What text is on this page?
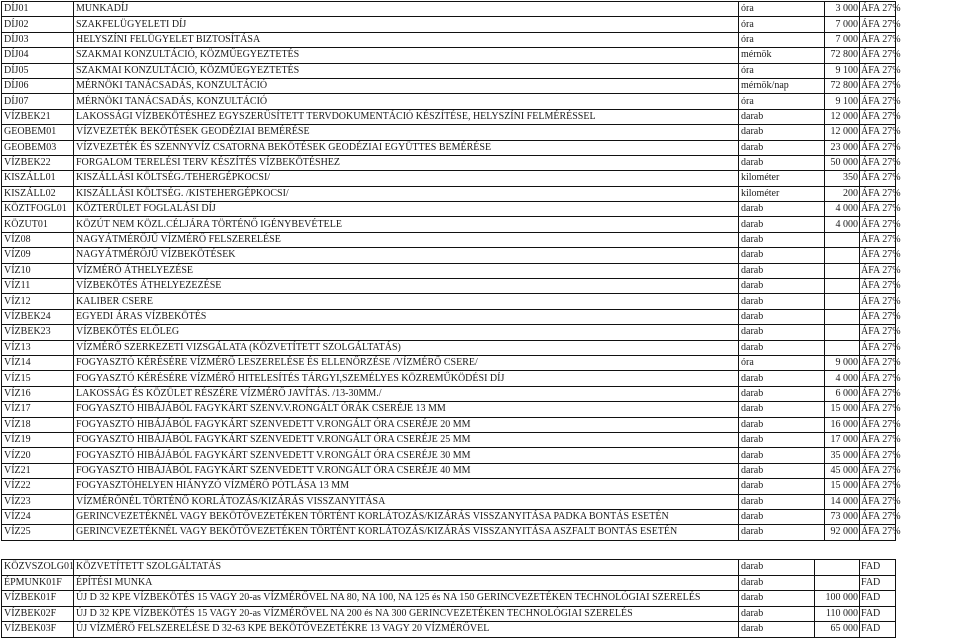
DÍJ01	MUNKADÍJ	óra	3 000	ÁFA 27%
DÍJ02	SZAKFELÜGYELETI DÍJ	óra	7 000	ÁFA 27%
DÍJ03	HELYSZÍNI FELÜGYELET BIZTOSÍTÁSA	óra	7 000	ÁFA 27%
DÍJ04	SZAKMAI KONZULTÁCIÓ, KÖZMŰEGYEZTETÉS	mérnök	72 800	ÁFA 27%
DÍJ05	SZAKMAI KONZULTÁCIÓ, KÖZMŰEGYEZTETÉS	óra	9 100	ÁFA 27%
DÍJ06	MÉRNÖKI TANÁCSADÁS, KONZULTÁCIÓ	mérnök/nap	72 800	ÁFA 27%
DÍJ07	MÉRNÖKI TANÁCSADÁS, KONZULTÁCIÓ	óra	9 100	ÁFA 27%
VÍZBEK21	LAKOSSÁGI VÍZBEKÖTÉSHEZ EGYSZERŰSÍTETT TERVDOKUMENTÁCIÓ KÉSZÍTÉSE, HELYSZÍNI FELMÉRÉSSEL	darab	12 000	ÁFA 27%
GEOBEM01	VÍZVEZETÉK BEKÖTÉSEK GEODÉZIAI BEMÉRÉSE	darab	12 000	ÁFA 27%
GEOBEM03	VÍZVEZETÉK ÉS SZENNYVÍZ CSATORNA BEKÖTÉSEK GEODÉZIAI EGYÜTTES BEMÉRÉSE	darab	23 000	ÁFA 27%
VÍZBEK22	FORGALOM TERELÉSI TERV KÉSZÍTÉS VÍZBEKÖTÉSHEZ	darab	50 000	ÁFA 27%
KISZÁLL01	KISZÁLLÁSI KÖLTSÉG./TEHERGÉPKOCSI/	kilométer	350	ÁFA 27%
KISZÁLL02	KISZÁLLÁSI KÖLTSÉG. /KISTEHERGÉPKOCSI/	kilométer	200	ÁFA 27%
KÖZTFOGL01	KÖZTERÜLET FOGLALÁSI DÍJ	darab	4 000	ÁFA 27%
KÖZUT01	KÖZÚT NEM KÖZL.CÉLJÁRA TÖRTÉNŐ IGÉNYBEVÉTELE	darab	4 000	ÁFA 27%
VÍZ08	NAGYÁTMÉRŐJŰ VÍZMÉRŐ FELSZERELÉSE	darab		ÁFA 27%
VÍZ09	NAGYÁTMÉRŐJŰ VÍZBEKÖTÉSEK	darab		ÁFA 27%
VÍZ10	VÍZMÉRŐ ÁTHELYEZÉSE	darab		ÁFA 27%
VÍZ11	VÍZBEKÖTÉS ÁTHELYEZEZÉSE	darab		ÁFA 27%
VÍZ12	KALIBER CSERE	darab		ÁFA 27%
VÍZBEK24	EGYEDI ÁRAS VÍZBEKÖTÉS	darab		ÁFA 27%
VÍZBEK23	VÍZBEKÖTÉS ELŐLEG	darab		ÁFA 27%
VÍZ13	VÍZMÉRŐ SZERKEZETI VIZSGÁLATA (KÖZVETÍTETT SZOLGÁLTATÁS)	darab		ÁFA 27%
VÍZ14	FOGYASZTÓ KÉRÉSÉRE VÍZMÉRŐ LESZERELÉSE ÉS ELLENŐRZÉSE /VÍZMÉRŐ CSERE/	óra	9 000	ÁFA 27%
VÍZ15	FOGYASZTÓ KÉRÉSÉRE VÍZMÉRŐ HITELESÍTÉS TÁRGYI,SZEMÉLYES KÖZREMŰKÖDÉSI DÍJ	darab	4 000	ÁFA 27%
VÍZ16	LAKOSSÁG ÉS KÖZÜLET RÉSZÉRE VÍZMÉRŐ JAVÍTÁS. /13-30MM./	darab	6 000	ÁFA 27%
VÍZ17	FOGYASZTÓ HIBÁJÁBÓL FAGYKÁRT SZENV.V.RONGÁLT ÓRÁK CSERÉJE 13 MM	darab	15 000	ÁFA 27%
VÍZ18	FOGYASZTÓ HIBÁJÁBÓL FAGYKÁRT SZENVEDETT V.RONGÁLT ÓRA CSERÉJE 20 MM	darab	16 000	ÁFA 27%
VÍZ19	FOGYASZTÓ HIBÁJÁBÓL FAGYKÁRT SZENVEDETT V.RONGÁLT ÓRA CSERÉJE 25 MM	darab	17 000	ÁFA 27%
VÍZ20	FOGYASZTÓ HIBÁJÁBÓL FAGYKÁRT SZENVEDETT V.RONGÁLT ÓRA CSERÉJE 30 MM	darab	35 000	ÁFA 27%
VÍZ21	FOGYASZTÓ HIBÁJÁBÓL FAGYKÁRT SZENVEDETT V.RONGÁLT ÓRA CSERÉJE 40 MM	darab	45 000	ÁFA 27%
VÍZ22	FOGYASZTÓHELYEN HIÁNYZÓ VÍZMÉRŐ PÓTLÁSA 13 MM	darab	15 000	ÁFA 27%
VÍZ23	VÍZMÉRŐNÉL TÖRTÉNŐ KORLÁTOZÁS/KIZÁRÁS VISSZANYITÁSA	darab	14 000	ÁFA 27%
VÍZ24	GERINCVEZETÉKNÉL VAGY BEKÖTŐVEZETÉKEN TÖRTÉNT KORLÁTOZÁS/KIZÁRÁS VISSZANYITÁSA PADKA BONTÁS ESETÉN	darab	73 000	ÁFA 27%
VÍZ25	GERINCVEZETÉKNÉL VAGY BEKÖTŐVEZETÉKEN TÖRTÉNT KORLÁTOZÁS/KIZÁRÁS VISSZANYITÁSA ASZFALT BONTÁS ESETÉN	darab	92 000	ÁFA 27%
KÖZVSZOLG01	KÖZVETÍTETT SZOLGÁLTATÁS	darab		FAD
ÉPMUNK01F	ÉPÍTÉSI MUNKA	darab		FAD
VÍZBEK01F	ÚJ D 32 KPE VÍZBEKÖTÉS 15 VAGY 20-as VÍZMÉRŐVEL NA 80, NA 100, NA 125 és NA 150 GERINCVEZETÉKEN TECHNOLÓGIAI SZERELÉS	darab	100 000	FAD
VÍZBEK02F	ÚJ D 32 KPE VÍZBEKÖTÉS 15 VAGY 20-as VÍZMÉRŐVEL NA 200 és NA 300 GERINCVEZETÉKEN TECHNOLÓGIAI SZERELÉS	darab	110 000	FAD
VÍZBEK03F	ÚJ VÍZMÉRŐ FELSZERELÉSE D 32-63 KPE BEKÖTŐVEZETÉKRE 13 VAGY 20 VÍZMÉRŐVEL	darab	65 000	FAD
